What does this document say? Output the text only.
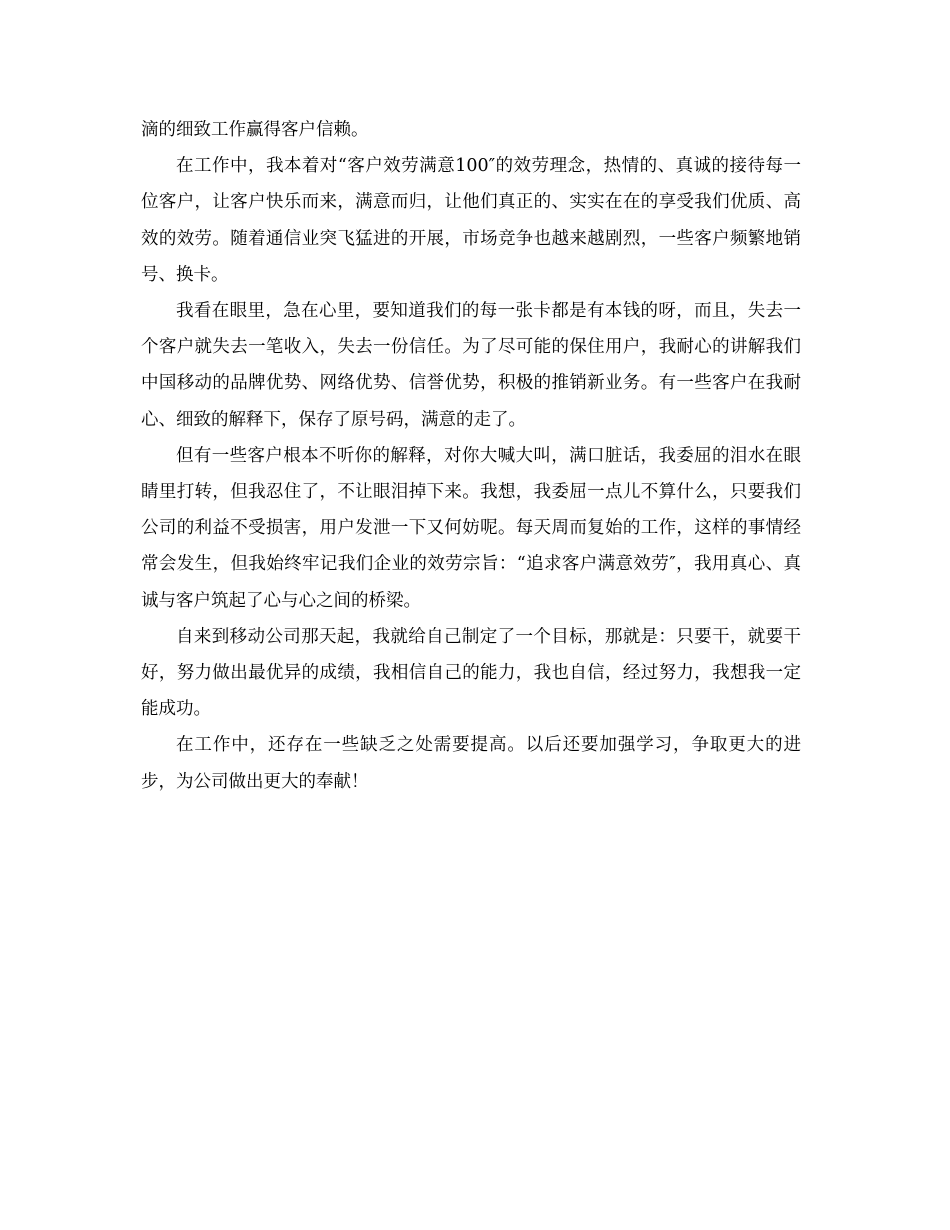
滴的细致工作赢得客户信赖。

在工作中，我本着对“客户效劳满意100″的效劳理念，热情的、真诚的接待每一位客户，让客户快乐而来，满意而归，让他们真正的、实实在在的享受我们优质、高效的效劳。随着通信业突飞猛进的开展，市场竞争也越来越剧烈，一些客户频繁地销号、换卡。

我看在眼里，急在心里，要知道我们的每一张卡都是有本钱的呀，而且，失去一个客户就失去一笔收入，失去一份信任。为了尽可能的保住用户，我耐心的讲解我们中国移动的品牌优势、网络优势、信誉优势，积极的推销新业务。有一些客户在我耐心、细致的解释下，保存了原号码，满意的走了。

但有一些客户根本不听你的解释，对你大喊大叫，满口脏话，我委屈的泪水在眼睛里打转，但我忍住了，不让眼泪掉下来。我想，我委屈一点儿不算什么，只要我们公司的利益不受损害，用户发泄一下又何妨呢。每天周而复始的工作，这样的事情经常会发生，但我始终牢记我们企业的效劳宗旨：“追求客户满意效劳″，我用真心、真诚与客户筑起了心与心之间的桥梁。

自来到移动公司那天起，我就给自己制定了一个目标，那就是：只要干，就要干好，努力做出最优异的成绩，我相信自己的能力，我也自信，经过努力，我想我一定能成功。

在工作中，还存在一些缺乏之处需要提高。以后还要加强学习，争取更大的进步，为公司做出更大的奉献！
